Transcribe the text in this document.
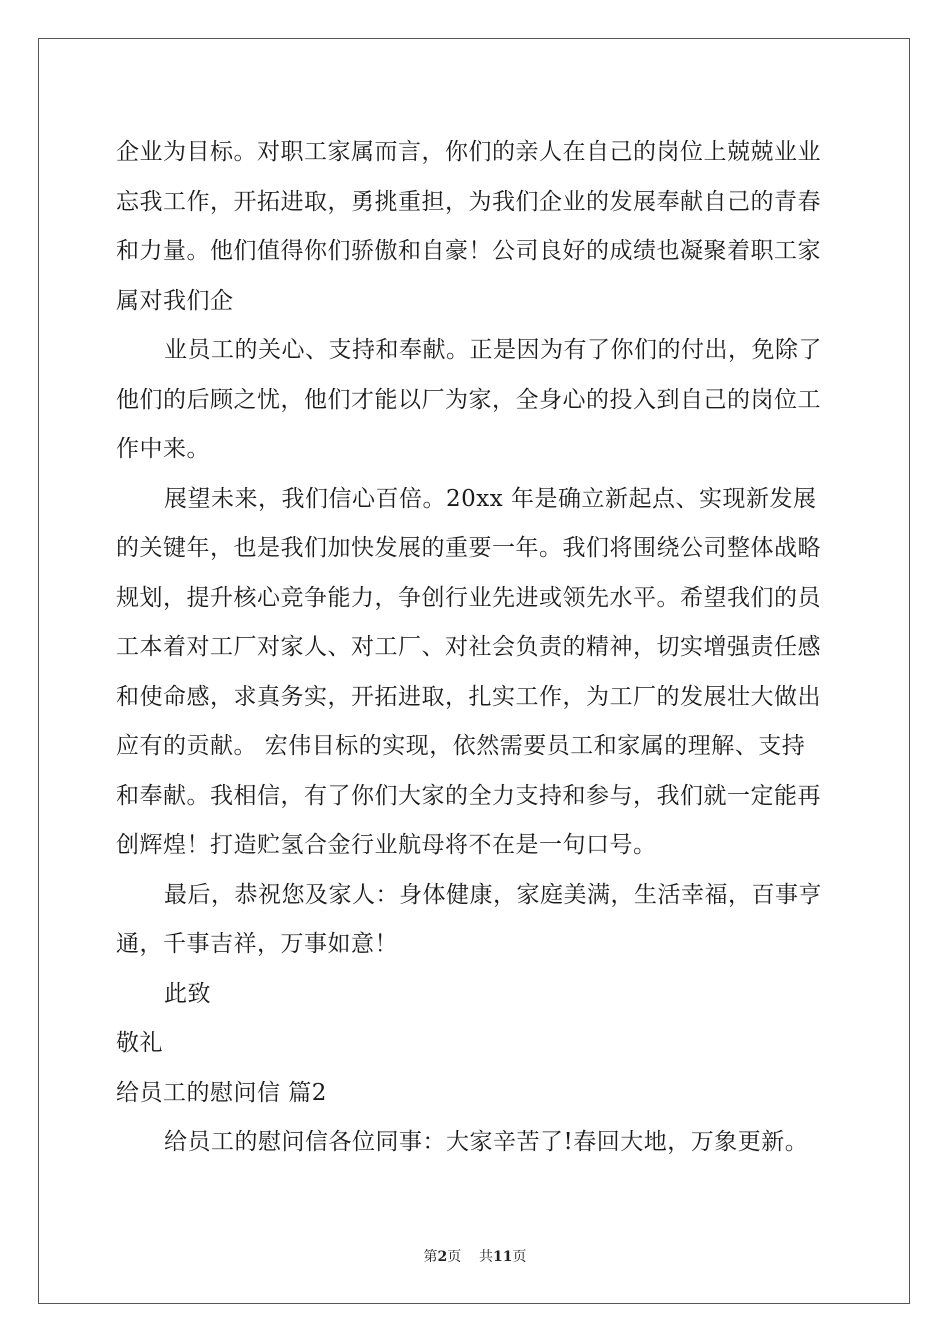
企业为目标。对职工家属而言，你们的亲人在自己的岗位上兢兢业业
忘我工作，开拓进取，勇挑重担，为我们企业的发展奉献自己的青春
和力量。他们值得你们骄傲和自豪！公司良好的成绩也凝聚着职工家
属对我们企
业员工的关心、支持和奉献。正是因为有了你们的付出，免除了
他们的后顾之忧，他们才能以厂为家，全身心的投入到自己的岗位工
作中来。
展望未来，我们信心百倍。20xx 年是确立新起点、实现新发展
的关键年，也是我们加快发展的重要一年。我们将围绕公司整体战略
规划，提升核心竞争能力，争创行业先进或领先水平。希望我们的员
工本着对工厂对家人、对工厂、对社会负责的精神，切实增强责任感
和使命感，求真务实，开拓进取，扎实工作，为工厂的发展壮大做出
应有的贡献。 宏伟目标的实现，依然需要员工和家属的理解、支持
和奉献。我相信，有了你们大家的全力支持和参与，我们就一定能再
创辉煌！打造贮氢合金行业航母将不在是一句口号。
最后，恭祝您及家人：身体健康，家庭美满，生活幸福，百事亨
通，千事吉祥，万事如意！
此致
敬礼
给员工的慰问信 篇2
给员工的慰问信各位同事：大家辛苦了!春回大地，万象更新。
第2页 共11页
